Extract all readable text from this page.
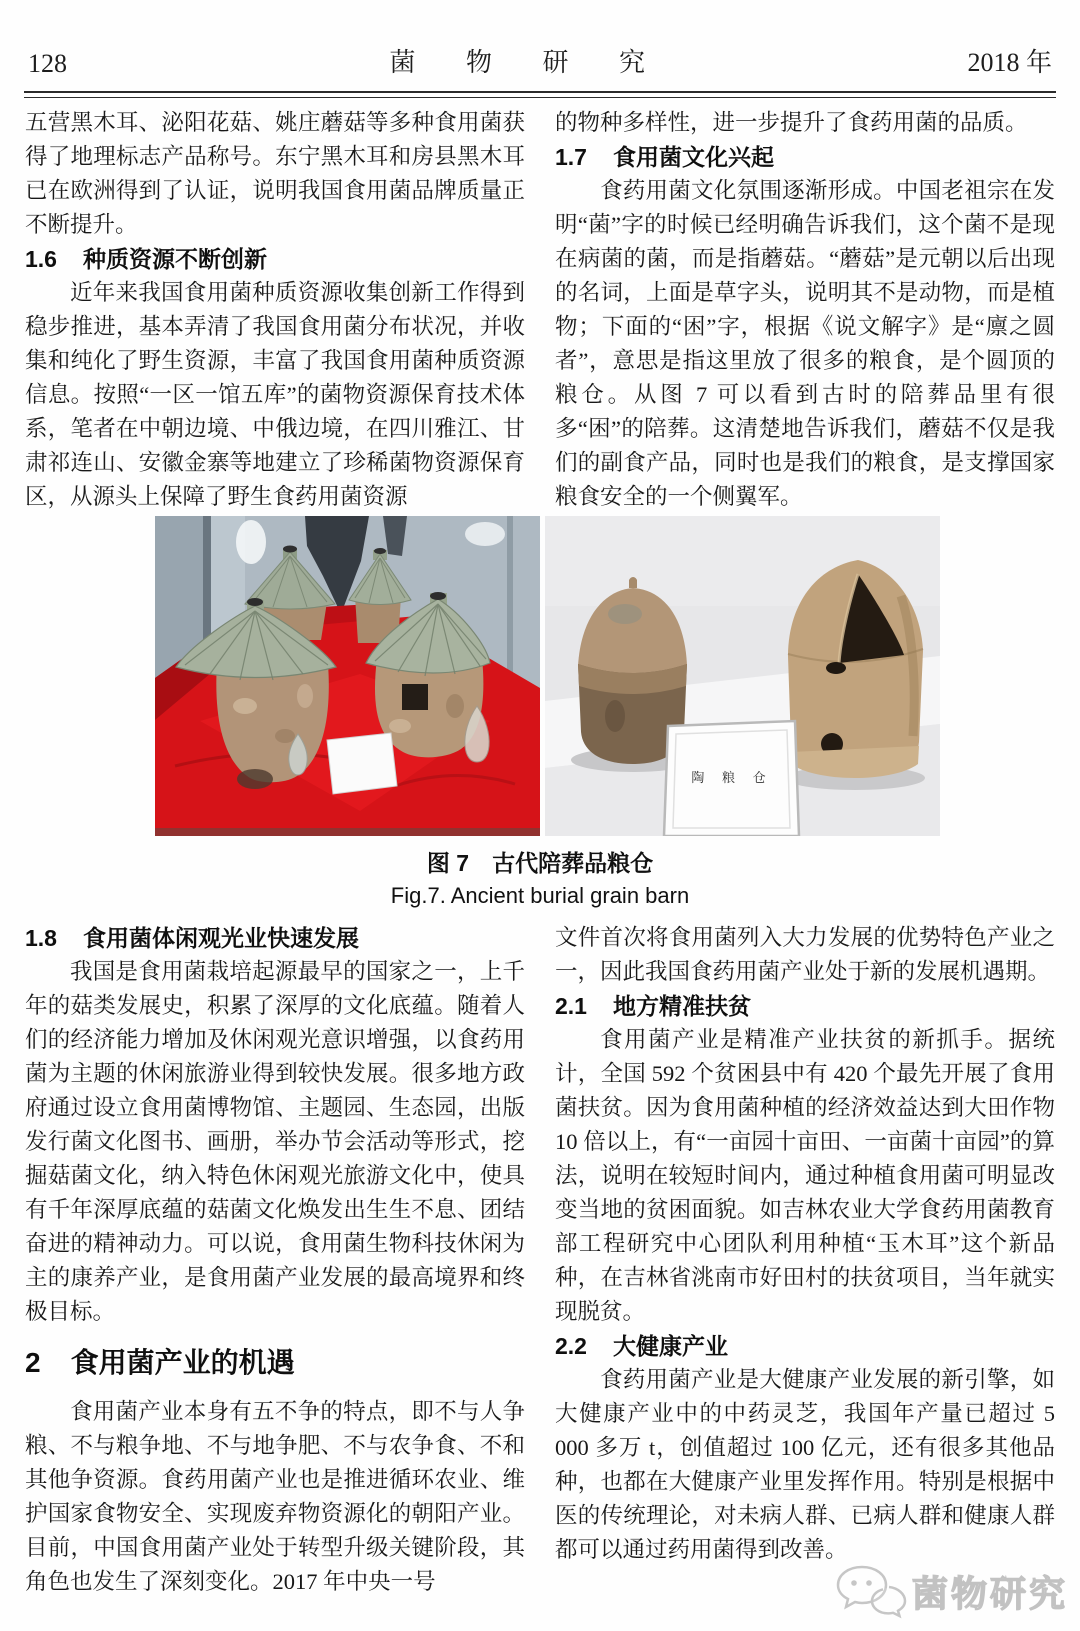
128	菌 物 研 究	2018 年

五营黑木耳、泌阳花菇、姚庄蘑菇等多种食用菌获得了地理标志产品称号。东宁黑木耳和房县黑木耳已在欧洲得到了认证，说明我国食用菌品牌质量正不断提升。

1.6 种质资源不断创新

近年来我国食用菌种质资源收集创新工作得到稳步推进，基本弄清了我国食用菌分布状况，并收集和纯化了野生资源，丰富了我国食用菌种质资源信息。按照“一区一馆五库”的菌物资源保育技术体系，笔者在中朝边境、中俄边境，在四川雅江、甘肃祁连山、安徽金寨等地建立了珍稀菌物资源保育区，从源头上保障了野生食药用菌资源

的物种多样性，进一步提升了食药用菌的品质。

1.7 食用菌文化兴起

食药用菌文化氛围逐渐形成。中国老祖宗在发明“菌”字的时候已经明确告诉我们，这个菌不是现在病菌的菌，而是指蘑菇。“蘑菇”是元朝以后出现的名词，上面是草字头，说明其不是动物，而是植物；下面的“困”字，根据《说文解字》是“廪之圆者”，意思是指这里放了很多的粮食，是个圆顶的粮仓。从图 7 可以看到古时的陪葬品里有很多“困”的陪葬。这清楚地告诉我们，蘑菇不仅是我们的副食产品，同时也是我们的粮食，是支撑国家粮食安全的一个侧翼军。

陶 粮 仓
图 7　古代陪葬品粮仓
Fig.7. Ancient burial grain barn
1.8 食用菌体闲观光业快速发展

我国是食用菌栽培起源最早的国家之一，上千年的菇类发展史，积累了深厚的文化底蕴。随着人们的经济能力增加及休闲观光意识增强，以食药用菌为主题的休闲旅游业得到较快发展。很多地方政府通过设立食用菌博物馆、主题园、生态园，出版发行菌文化图书、画册，举办节会活动等形式，挖掘菇菌文化，纳入特色休闲观光旅游文化中，使具有千年深厚底蕴的菇菌文化焕发出生生不息、团结奋进的精神动力。可以说，食用菌生物科技休闲为主的康养产业，是食用菌产业发展的最高境界和终极目标。

2 食用菌产业的机遇

食用菌产业本身有五不争的特点，即不与人争粮、不与粮争地、不与地争肥、不与农争食、不和其他争资源。食药用菌产业也是推进循环农业、维护国家食物安全、实现废弃物资源化的朝阳产业。目前，中国食用菌产业处于转型升级关键阶段，其角色也发生了深刻变化。2017 年中央一号

文件首次将食用菌列入大力发展的优势特色产业之一，因此我国食药用菌产业处于新的发展机遇期。

2.1 地方精准扶贫

食用菌产业是精准产业扶贫的新抓手。据统计，全国 592 个贫困县中有 420 个最先开展了食用菌扶贫。因为食用菌种植的经济效益达到大田作物 10 倍以上，有“一亩园十亩田、一亩菌十亩园”的算法，说明在较短时间内，通过种植食用菌可明显改变当地的贫困面貌。如吉林农业大学食药用菌教育部工程研究中心团队利用种植“玉木耳”这个新品种，在吉林省洮南市好田村的扶贫项目，当年就实现脱贫。

2.2 大健康产业

食药用菌产业是大健康产业发展的新引擎，如大健康产业中的中药灵芝，我国年产量已超过 5 000 多万 t，创值超过 100 亿元，还有很多其他品种，也都在大健康产业里发挥作用。特别是根据中医的传统理论，对未病人群、已病人群和健康人群都可以通过药用菌得到改善。

菌物研究
